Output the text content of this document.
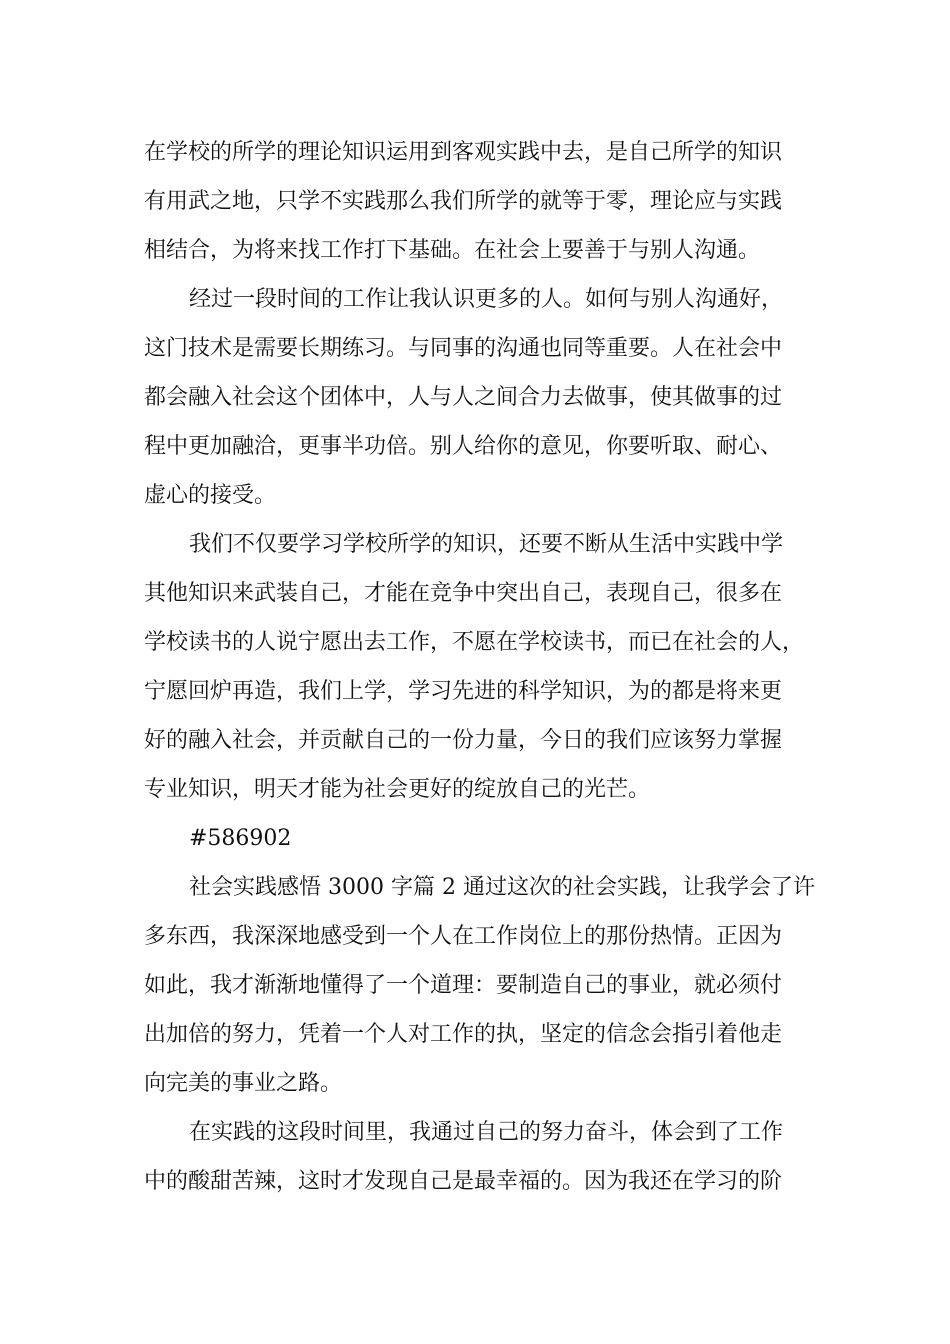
在学校的所学的理论知识运用到客观实践中去，是自己所学的知识
有用武之地，只学不实践那么我们所学的就等于零，理论应与实践
相结合，为将来找工作打下基础。在社会上要善于与别人沟通。
经过一段时间的工作让我认识更多的人。如何与别人沟通好，
这门技术是需要长期练习。与同事的沟通也同等重要。人在社会中
都会融入社会这个团体中，人与人之间合力去做事，使其做事的过
程中更加融洽，更事半功倍。别人给你的意见，你要听取、耐心、
虚心的接受。
我们不仅要学习学校所学的知识，还要不断从生活中实践中学
其他知识来武装自己，才能在竞争中突出自己，表现自己，很多在
学校读书的人说宁愿出去工作，不愿在学校读书，而已在社会的人，
宁愿回炉再造，我们上学，学习先进的科学知识，为的都是将来更
好的融入社会，并贡献自己的一份力量，今日的我们应该努力掌握
专业知识，明天才能为社会更好的绽放自己的光芒。
#586902
社会实践感悟 3000 字篇 2 通过这次的社会实践，让我学会了许
多东西，我深深地感受到一个人在工作岗位上的那份热情。正因为
如此，我才渐渐地懂得了一个道理：要制造自己的事业，就必须付
出加倍的努力，凭着一个人对工作的执，坚定的信念会指引着他走
向完美的事业之路。
在实践的这段时间里，我通过自己的努力奋斗，体会到了工作
中的酸甜苦辣，这时才发现自己是最幸福的。因为我还在学习的阶
